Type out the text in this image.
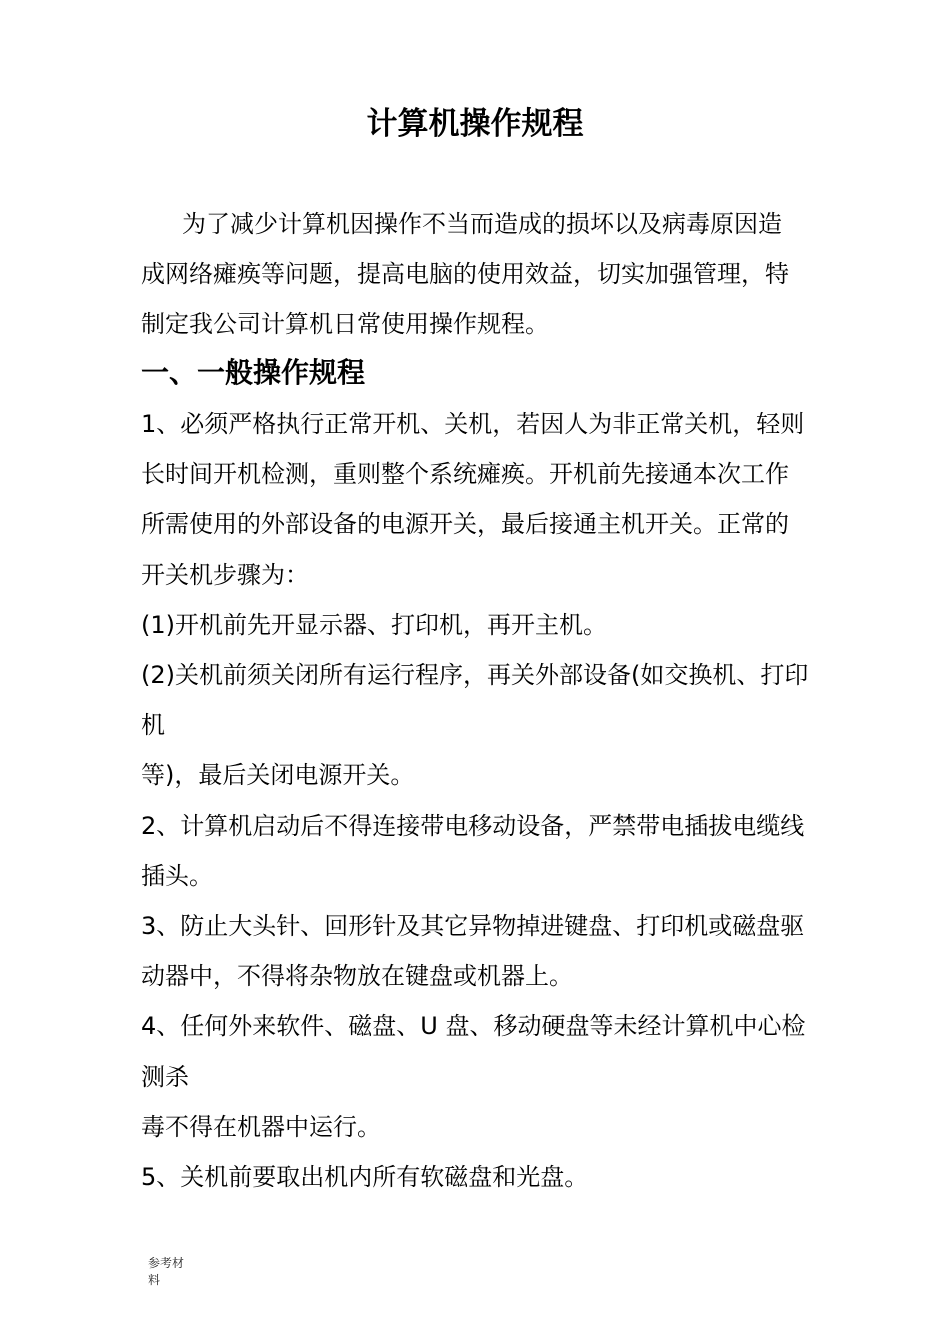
计算机操作规程
为了减少计算机因操作不当而造成的损坏以及病毒原因造
成网络瘫痪等问题，提高电脑的使用效益，切实加强管理，特
制定我公司计算机日常使用操作规程。
一、一般操作规程
1、必须严格执行正常开机、关机，若因人为非正常关机，轻则
长时间开机检测，重则整个系统瘫痪。开机前先接通本次工作
所需使用的外部设备的电源开关，最后接通主机开关。正常的
开关机步骤为：
(1)开机前先开显示器、打印机，再开主机。
(2)关机前须关闭所有运行程序，再关外部设备(如交换机、打印
机
等)，最后关闭电源开关。
2、计算机启动后不得连接带电移动设备，严禁带电插拔电缆线
插头。
3、防止大头针、回形针及其它异物掉进键盘、打印机或磁盘驱
动器中，不得将杂物放在键盘或机器上。
4、任何外来软件、磁盘、U 盘、移动硬盘等未经计算机中心检
测杀
毒不得在机器中运行。
5、关机前要取出机内所有软磁盘和光盘。
参考材
料
